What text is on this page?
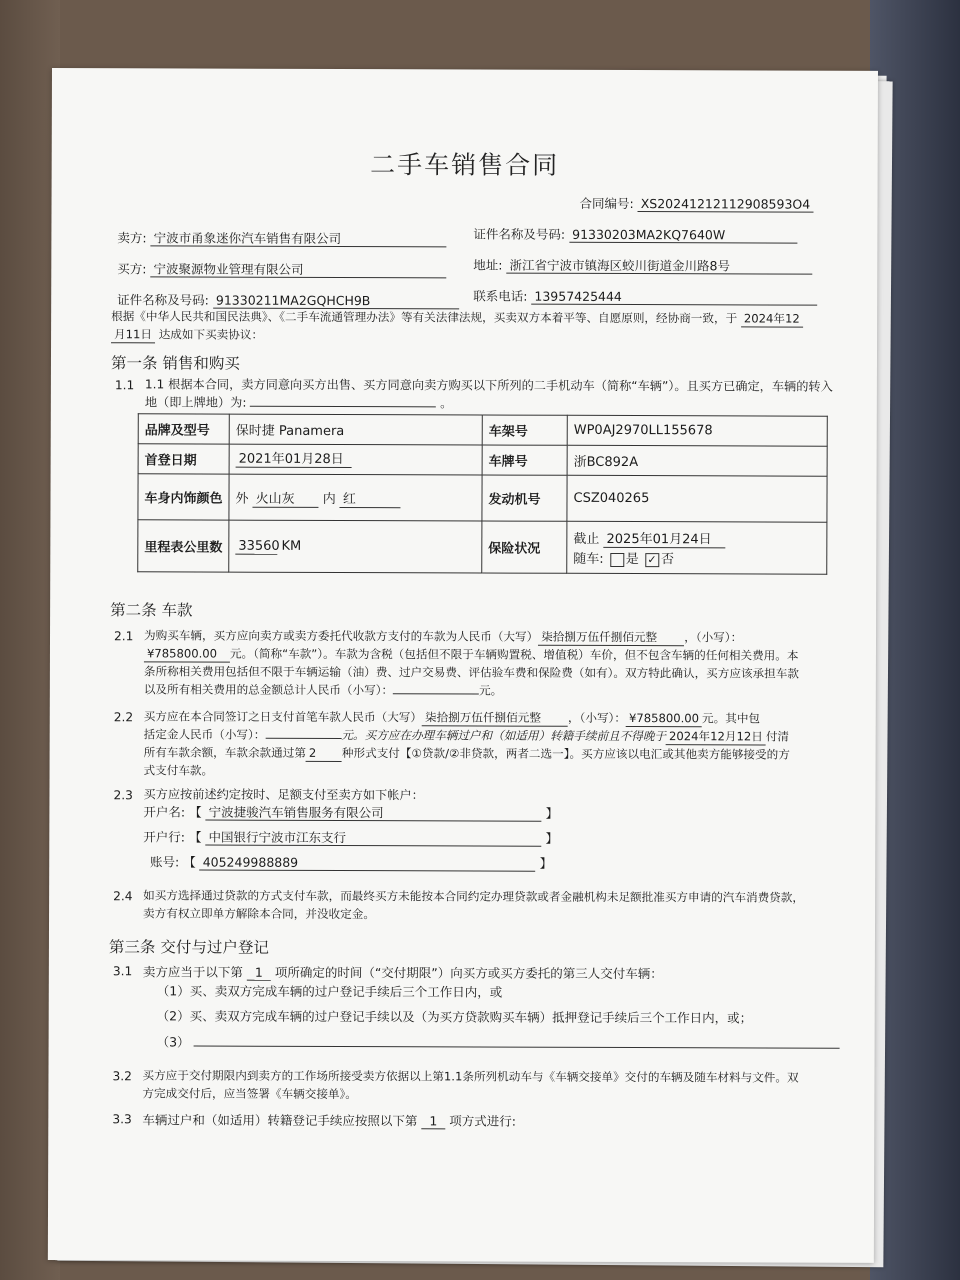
二手车销售合同
合同编号: XS20241212112908593O4
卖方: 宁波市甬象迷你汽车销售有限公司	证件名称及号码: 91330203MA2KQ7640W
买方: 宁波聚源物业管理有限公司	地址: 浙江省宁波市镇海区蛟川街道金川路8号
证件名称及号码: 91330211MA2GQHCH9B	联系电话: 13957425444
根据《中华人民共和国民法典》、《二手车流通管理办法》等有关法律法规，买卖双方本着平等、自愿原则，经协商一致，于 2024年12
月11日 达成如下买卖协议：
第一条 销售和购买
1.1 1.1 根据本合同，卖方同意向买方出售、买方同意向卖方购买以下所列的二手机动车（简称“车辆”）。且买方已确定，车辆的转入
地（即上牌地）为:	。
品牌及型号	保时捷 Panamera	车架号	WP0AJ2970LL155678
首登日期	2021年01月28日	车牌号	浙BC892A
车身内饰颜色	外 火山灰 内 红	发动机号	CSZ040265
里程表公里数	33560 KM	保险状况	截止 2025年01月24日
随车: 是 ✓ 否
第二条 车款
2.1 为购买车辆，买方应向卖方或卖方委托代收款方支付的车款为人民币（大写） 柒拾捌万伍仟捌佰元整 ，（小写）：
¥785800.00 元。（简称“车款”）。车款为含税（包括但不限于车辆购置税、增值税）车价，但不包含车辆的任何相关费用。本
条所称相关费用包括但不限于车辆运输（油）费、过户交易费、评估验车费和保险费（如有）。双方特此确认，买方应该承担车款
以及所有相关费用的总金额总计人民币（小写）：	元。
2.2 买方应在本合同签订之日支付首笔车款人民币（大写） 柒拾捌万伍仟捌佰元整 ，（小写）： ¥785800.00 元。其中包
括定金人民币（小写）：	元。买方应在办理车辆过户和（如适用）转籍手续前且不得晚于 2024年12月12日 付清
所有车款余额，车款余款通过第 2 种形式支付【①贷款/②非贷款，两者二选一】。买方应该以电汇或其他卖方能够接受的方
式支付车款。
2.3 买方应按前述约定按时、足额支付至卖方如下帐户：
开户名: 【 宁波捷骏汽车销售服务有限公司	】
开户行: 【 中国银行宁波市江东支行	】
账号: 【 405249988889	】
2.4 如买方选择通过贷款的方式支付车款，而最终买方未能按本合同约定办理贷款或者金融机构未足额批准买方申请的汽车消费贷款，
卖方有权立即单方解除本合同，并没收定金。
第三条 交付与过户登记
3.1 卖方应当于以下第 1 项所确定的时间（“交付期限”）向买方或买方委托的第三人交付车辆：
（1）买、卖双方完成车辆的过户登记手续后三个工作日内，或
（2）买、卖双方完成车辆的过户登记手续以及（为买方贷款购买车辆）抵押登记手续后三个工作日内，或；
（3）
3.2 买方应于交付期限内到卖方的工作场所接受卖方依据以上第1.1条所列机动车与《车辆交接单》交付的车辆及随车材料与文件。双
方完成交付后，应当签署《车辆交接单》。
3.3 车辆过户和（如适用）转籍登记手续应按照以下第 1 项方式进行:
